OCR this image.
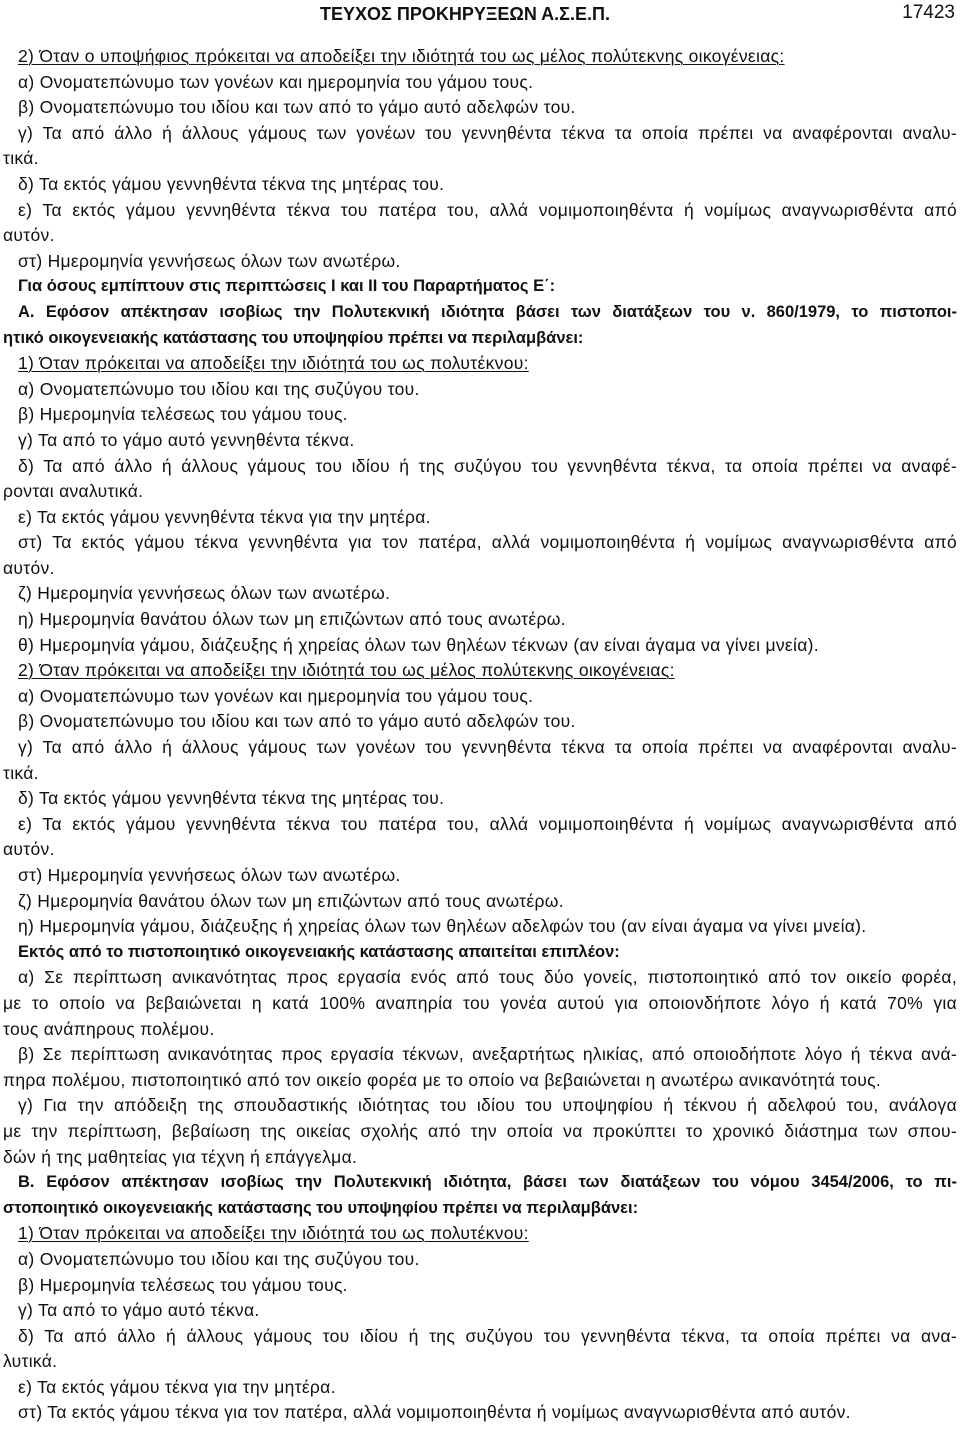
ΤΕΥΧΟΣ ΠΡΟΚΗΡΥΞΕΩΝ Α.Σ.Ε.Π.	17423
2) Όταν ο υποψήφιος πρόκειται να αποδείξει την ιδιότητά του ως μέλος πολύτεκνης οικογένειας:
α) Ονοματεπώνυμο των γονέων και ημερομηνία του γάμου τους.
β) Ονοματεπώνυμο του ιδίου και των από το γάμο αυτό αδελφών του.
γ) Τα από άλλο ή άλλους γάμους των γονέων του γεννηθέντα τέκνα τα οποία πρέπει να αναφέρονται αναλυ-
τικά.
δ) Τα εκτός γάμου γεννηθέντα τέκνα της μητέρας του.
ε) Τα εκτός γάμου γεννηθέντα τέκνα του πατέρα του, αλλά νομιμοποιηθέντα ή νομίμως αναγνωρισθέντα από
αυτόν.
στ) Ημερομηνία γεννήσεως όλων των ανωτέρω.
Για όσους εμπίπτουν στις περιπτώσεις I και II του Παραρτήματος Ε΄:
Α. Εφόσον απέκτησαν ισοβίως την Πολυτεκνική ιδιότητα βάσει των διατάξεων του ν. 860/1979, το πιστοποι-
ητικό οικογενειακής κατάστασης του υποψηφίου πρέπει να περιλαμβάνει:
1) Όταν πρόκειται να αποδείξει την ιδιότητά του ως πολυτέκνου:
α) Ονοματεπώνυμο του ιδίου και της συζύγου του.
β) Ημερομηνία τελέσεως του γάμου τους.
γ) Τα από το γάμο αυτό γεννηθέντα τέκνα.
δ) Τα από άλλο ή άλλους γάμους του ιδίου ή της συζύγου του γεννηθέντα τέκνα, τα οποία πρέπει να αναφέ-
ρονται αναλυτικά.
ε) Τα εκτός γάμου γεννηθέντα τέκνα για την μητέρα.
στ) Τα εκτός γάμου τέκνα γεννηθέντα για τον πατέρα, αλλά νομιμοποιηθέντα ή νομίμως αναγνωρισθέντα από
αυτόν.
ζ) Ημερομηνία γεννήσεως όλων των ανωτέρω.
η) Ημερομηνία θανάτου όλων των μη επιζώντων από τους ανωτέρω.
θ) Ημερομηνία γάμου, διάζευξης ή χηρείας όλων των θηλέων τέκνων (αν είναι άγαμα να γίνει μνεία).
2) Όταν πρόκειται να αποδείξει την ιδιότητά του ως μέλος πολύτεκνης οικογένειας:
α) Ονοματεπώνυμο των γονέων και ημερομηνία του γάμου τους.
β) Ονοματεπώνυμο του ιδίου και των από το γάμο αυτό αδελφών του.
γ) Τα από άλλο ή άλλους γάμους των γονέων του γεννηθέντα τέκνα τα οποία πρέπει να αναφέρονται αναλυ-
τικά.
δ) Τα εκτός γάμου γεννηθέντα τέκνα της μητέρας του.
ε) Τα εκτός γάμου γεννηθέντα τέκνα του πατέρα του, αλλά νομιμοποιηθέντα ή νομίμως αναγνωρισθέντα από
αυτόν.
στ) Ημερομηνία γεννήσεως όλων των ανωτέρω.
ζ) Ημερομηνία θανάτου όλων των μη επιζώντων από τους ανωτέρω.
η) Ημερομηνία γάμου, διάζευξης ή χηρείας όλων των θηλέων αδελφών του (αν είναι άγαμα να γίνει μνεία).
Εκτός από το πιστοποιητικό οικογενειακής κατάστασης απαιτείται επιπλέον:
α) Σε περίπτωση ανικανότητας προς εργασία ενός από τους δύο γονείς, πιστοποιητικό από τον οικείο φορέα,
με το οποίο να βεβαιώνεται η κατά 100% αναπηρία του γονέα αυτού για οποιονδήποτε λόγο ή κατά 70% για
τους ανάπηρους πολέμου.
β) Σε περίπτωση ανικανότητας προς εργασία τέκνων, ανεξαρτήτως ηλικίας, από οποιοδήποτε λόγο ή τέκνα ανά-
πηρα πολέμου, πιστοποιητικό από τον οικείο φορέα με το οποίο να βεβαιώνεται η ανωτέρω ανικανότητά τους.
γ) Για την απόδειξη της σπουδαστικής ιδιότητας του ιδίου του υποψηφίου ή τέκνου ή αδελφού του, ανάλογα
με την περίπτωση, βεβαίωση της οικείας σχολής από την οποία να προκύπτει το χρονικό διάστημα των σπου-
δών ή της μαθητείας για τέχνη ή επάγγελμα.
Β. Εφόσον απέκτησαν ισοβίως την Πολυτεκνική ιδιότητα, βάσει των διατάξεων του νόμου 3454/2006, το πι-
στοποιητικό οικογενειακής κατάστασης του υποψηφίου πρέπει να περιλαμβάνει:
1) Όταν πρόκειται να αποδείξει την ιδιότητά του ως πολυτέκνου:
α) Ονοματεπώνυμο του ιδίου και της συζύγου του.
β) Ημερομηνία τελέσεως του γάμου τους.
γ) Τα από το γάμο αυτό τέκνα.
δ) Τα από άλλο ή άλλους γάμους του ιδίου ή της συζύγου του γεννηθέντα τέκνα, τα οποία πρέπει να ανα-
λυτικά.
ε) Τα εκτός γάμου τέκνα για την μητέρα.
στ) Τα εκτός γάμου τέκνα για τον πατέρα, αλλά νομιμοποιηθέντα ή νομίμως αναγνωρισθέντα από αυτόν.
